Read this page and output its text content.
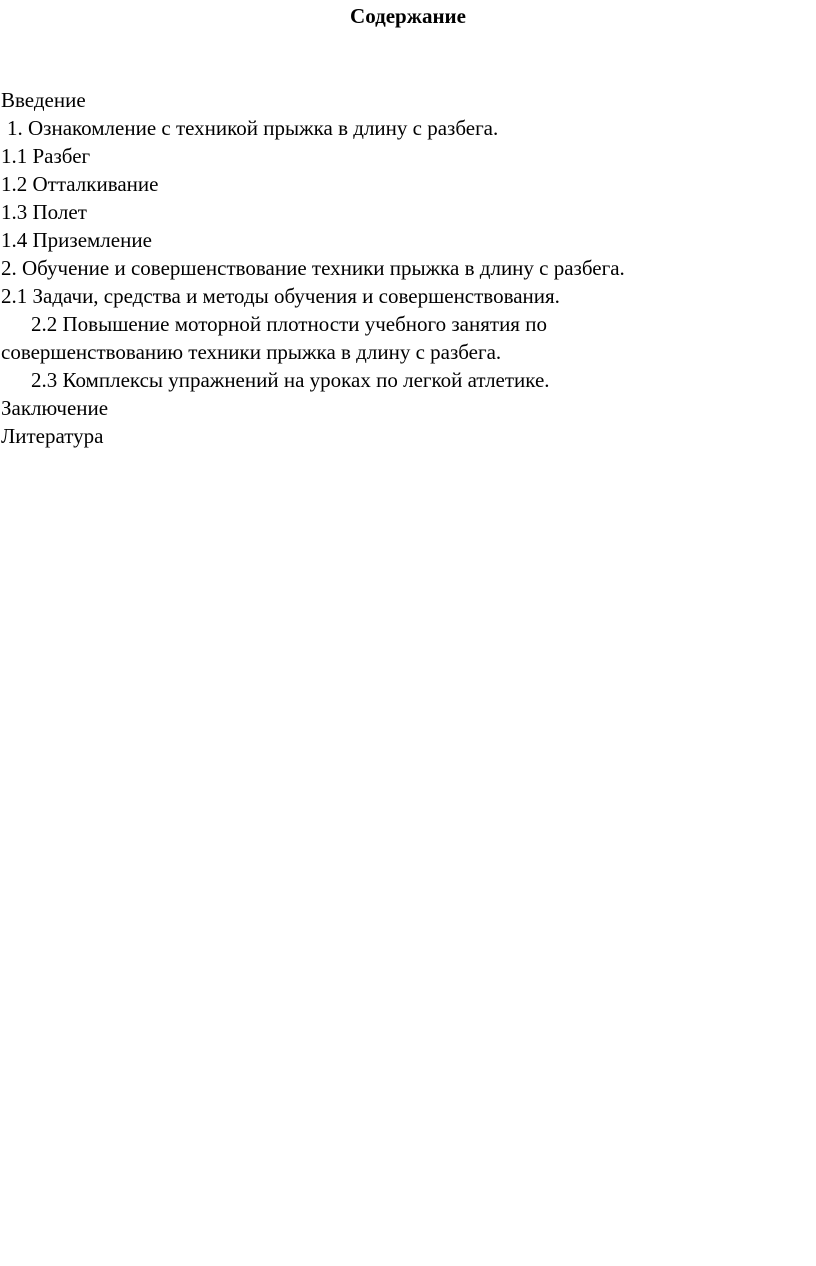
Содержание
Введение
1. Ознакомление с техникой прыжка в длину с разбега.
1.1 Разбег
1.2 Отталкивание
1.3 Полет
1.4 Приземление
2. Обучение и совершенствование техники прыжка в длину с разбега.
2.1 Задачи, средства и методы обучения и совершенствования.
2.2 Повышение моторной плотности учебного занятия по
совершенствованию техники прыжка в длину с разбега.
2.3 Комплексы упражнений на уроках по легкой атлетике.
Заключение
Литература
